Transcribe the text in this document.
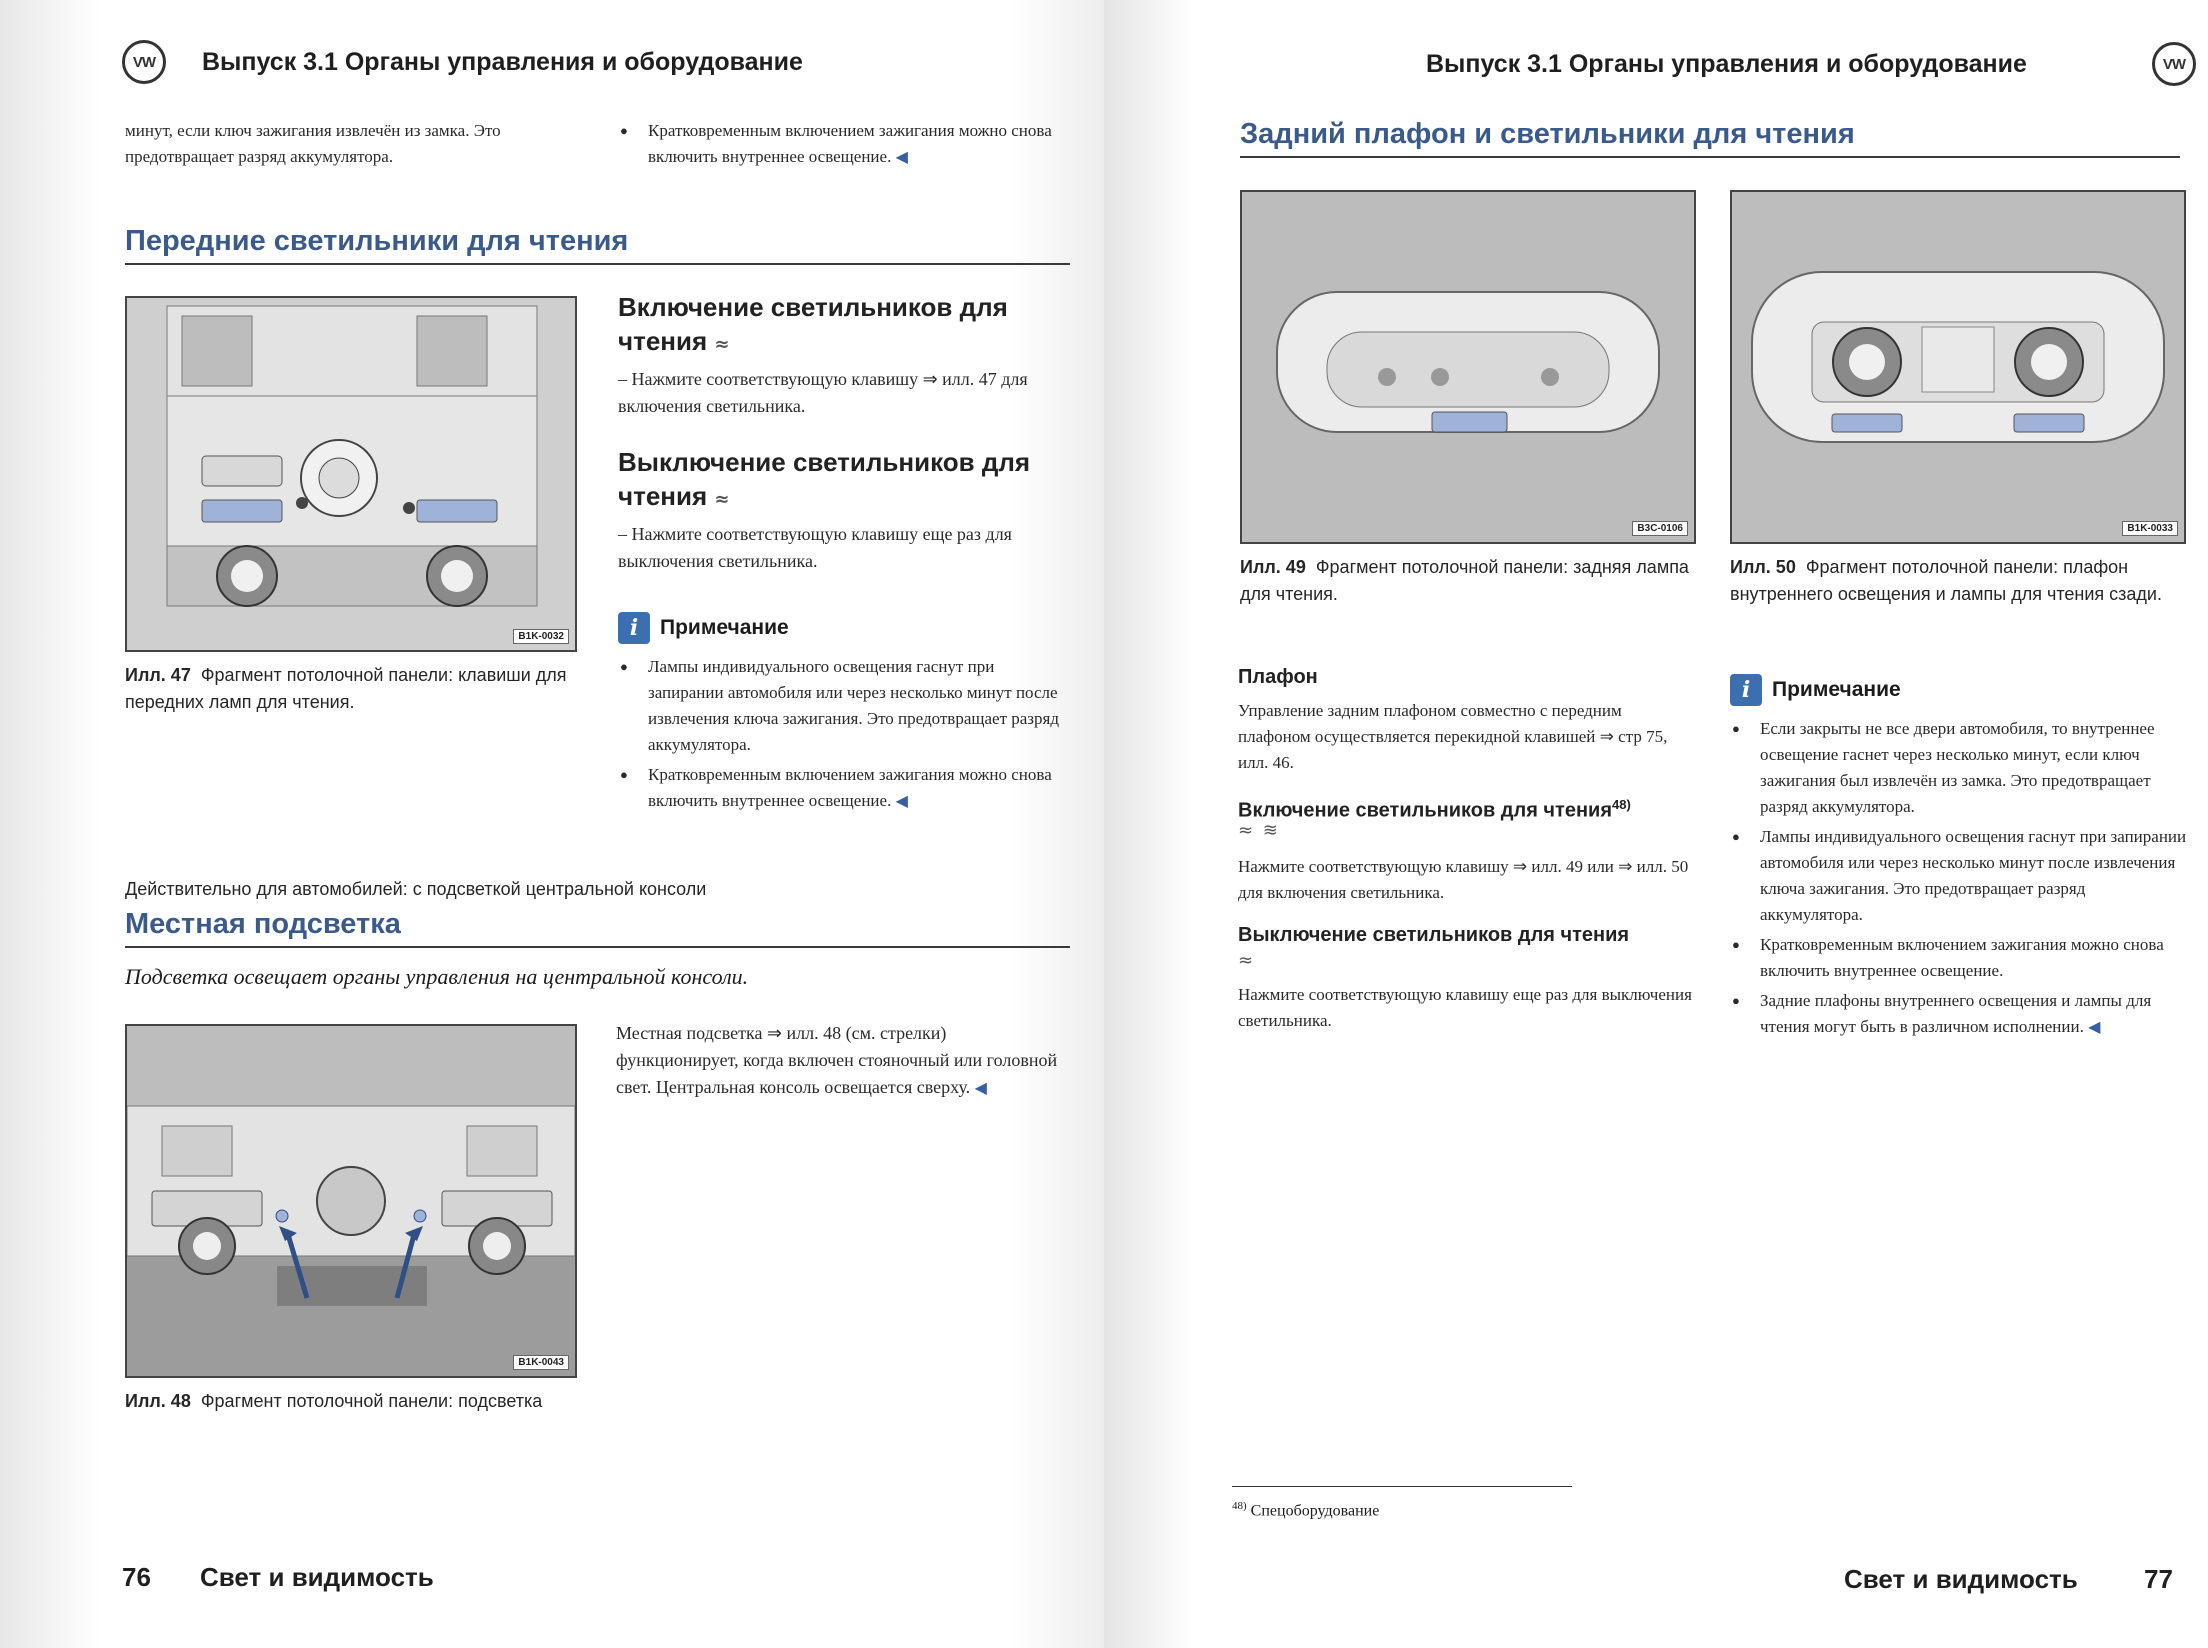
VW Выпуск 3.1 Органы управления и оборудование
минут, если ключ зажигания извлечён из замка. Это предотвращает разряд аккумулятора.
● Кратковременным включением зажигания можно снова включить внутреннее освещение. ◀
Передние светильники для чтения
B1K-0032
Илл. 47 Фрагмент потолочной панели: клавиши для передних ламп для чтения.
Включение светильников для чтения ≈
– Нажмите соответствующую клавишу ⇒ илл. 47 для включения светильника.
Выключение светильников для чтения ≈
– Нажмите соответствующую клавишу еще раз для выключения светильника.
i	Примечание
● Лампы индивидуального освещения гаснут при запирании автомобиля или через несколько минут после извлечения ключа зажигания. Это предотвращает разряд аккумулятора.
● Кратковременным включением зажигания можно снова включить внутреннее освещение. ◀
Действительно для автомобилей: с подсветкой центральной консоли
Местная подсветка
Подсветка освещает органы управления на центральной консоли.
B1K-0043
Илл. 48 Фрагмент потолочной панели: подсветка
Местная подсветка ⇒ илл. 48 (см. стрелки) функционирует, когда включен стояночный или головной свет. Центральная консоль освещается сверху. ◀
76 Свет и видимость
Выпуск 3.1 Органы управления и оборудование	VW
Задний плафон и светильники для чтения
B3C-0106
Илл. 49 Фрагмент потолочной панели: задняя лампа для чтения.
B1K-0033
Илл. 50 Фрагмент потолочной панели: плафон внутреннего освещения и лампы для чтения сзади.
Плафон
Управление задним плафоном совместно с передним плафоном осуществляется перекидной клавишей ⇒ стр 75, илл. 46.
Включение светильников для чтения$^{48)}$
≈ ≋
Нажмите соответствующую клавишу ⇒ илл. 49 или ⇒ илл. 50 для включения светильника.
Выключение светильников для чтения
≈
Нажмите соответствующую клавишу еще раз для выключения светильника.
i	Примечание
● Если закрыты не все двери автомобиля, то внутреннее освещение гаснет через несколько минут, если ключ зажигания был извлечён из замка. Это предотвращает разряд аккумулятора.
● Лампы индивидуального освещения гаснут при запирании автомобиля или через несколько минут после извлечения ключа зажигания. Это предотвращает разряд аккумулятора.
● Кратковременным включением зажигания можно снова включить внутреннее освещение.
● Задние плафоны внутреннего освещения и лампы для чтения могут быть в различном исполнении. ◀
$^{48)}$ Спецоборудование
Свет и видимость	77
